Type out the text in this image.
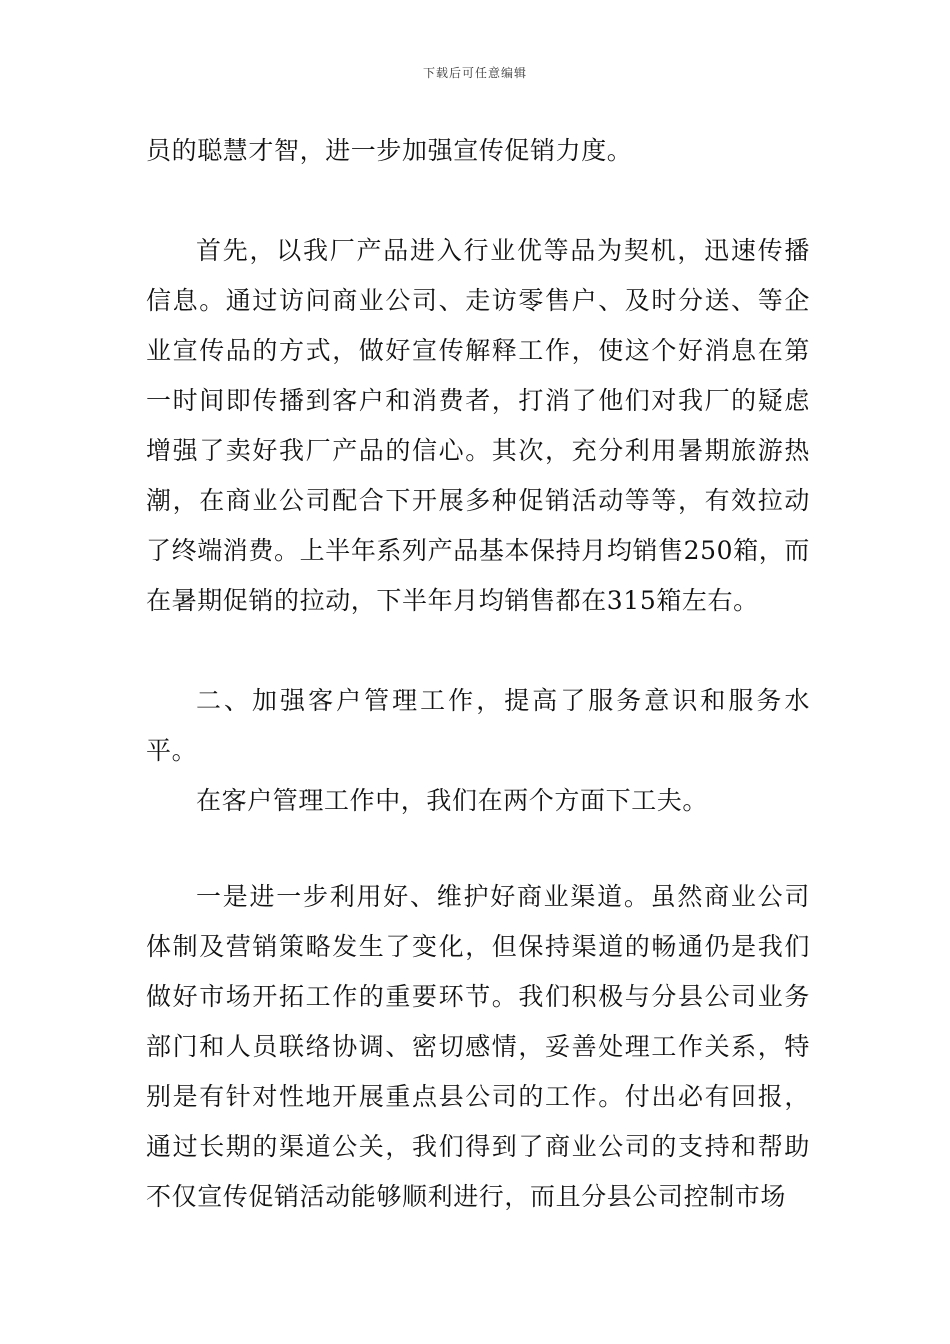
下载后可任意编辑

员的聪慧才智，进一步加强宣传促销力度。

首先，以我厂产品进入行业优等品为契机，迅速传播信息。通过访问商业公司、走访零售户、及时分送、等企业宣传品的方式，做好宣传解释工作，使这个好消息在第一时间即传播到客户和消费者，打消了他们对我厂的疑虑增强了卖好我厂产品的信心。其次，充分利用暑期旅游热潮，在商业公司配合下开展多种促销活动等等，有效拉动了终端消费。上半年系列产品基本保持月均销售250箱，而在暑期促销的拉动，下半年月均销售都在315箱左右。

二、加强客户管理工作，提高了服务意识和服务水平。

在客户管理工作中，我们在两个方面下工夫。

一是进一步利用好、维护好商业渠道。虽然商业公司体制及营销策略发生了变化，但保持渠道的畅通仍是我们做好市场开拓工作的重要环节。我们积极与分县公司业务部门和人员联络协调、密切感情，妥善处理工作关系，特别是有针对性地开展重点县公司的工作。付出必有回报，通过长期的渠道公关，我们得到了商业公司的支持和帮助不仅宣传促销活动能够顺利进行，而且分县公司控制市场
